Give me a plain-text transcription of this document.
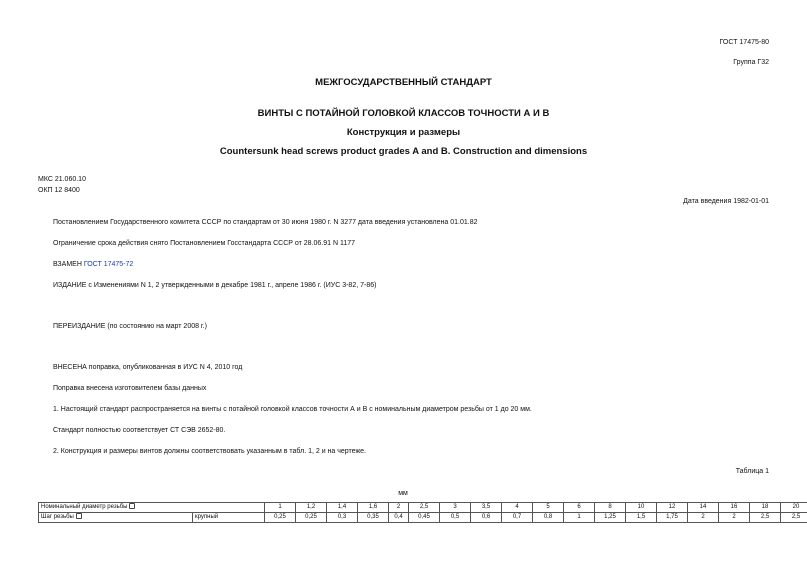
ГОСТ 17475-80
Группа Г32
МЕЖГОСУДАРСТВЕННЫЙ СТАНДАРТ
ВИНТЫ С ПОТАЙНОЙ ГОЛОВКОЙ КЛАССОВ ТОЧНОСТИ А И В
Конструкция и размеры
Countersunk head screws product grades A and B. Construction and dimensions
МКС 21.060.10
ОКП 12 8400
Дата введения 1982-01-01
Постановлением Государственного комитета СССР по стандартам от 30 июня 1980 г. N 3277 дата введения установлена 01.01.82
Ограничение срока действия снято Постановлением Госстандарта СССР от 28.06.91 N 1177
ВЗАМЕН ГОСТ 17475-72
ИЗДАНИЕ с Изменениями N 1, 2 утвержденными в декабре 1981 г., апреле 1986 г. (ИУС 3-82, 7-86)
ПЕРЕИЗДАНИЕ (по состоянию на март 2008 г.)
ВНЕСЕНА поправка, опубликованная в ИУС N 4, 2010 год
Поправка внесена изготовителем базы данных
1. Настоящий стандарт распространяется на винты с потайной головкой классов точности А и В с номинальным диаметром резьбы от 1 до 20 мм.
Стандарт полностью соответствует СТ СЭВ 2652-80.
2. Конструкция и размеры винтов должны соответствовать указанным в табл. 1, 2 и на чертеже.
Таблица 1
мм
Номинальный диаметр резьбы		1	1,2	1,4	1,6	2	2,5	3	3,5	4	5	6	8	10	12	14	16	18	20
Шаг резьбы	крупный	0,25	0,25	0,3	0,35	0,4	0,45	0,5	0,6	0,7	0,8	1	1,25	1,5	1,75	2	2	2,5	2,5
